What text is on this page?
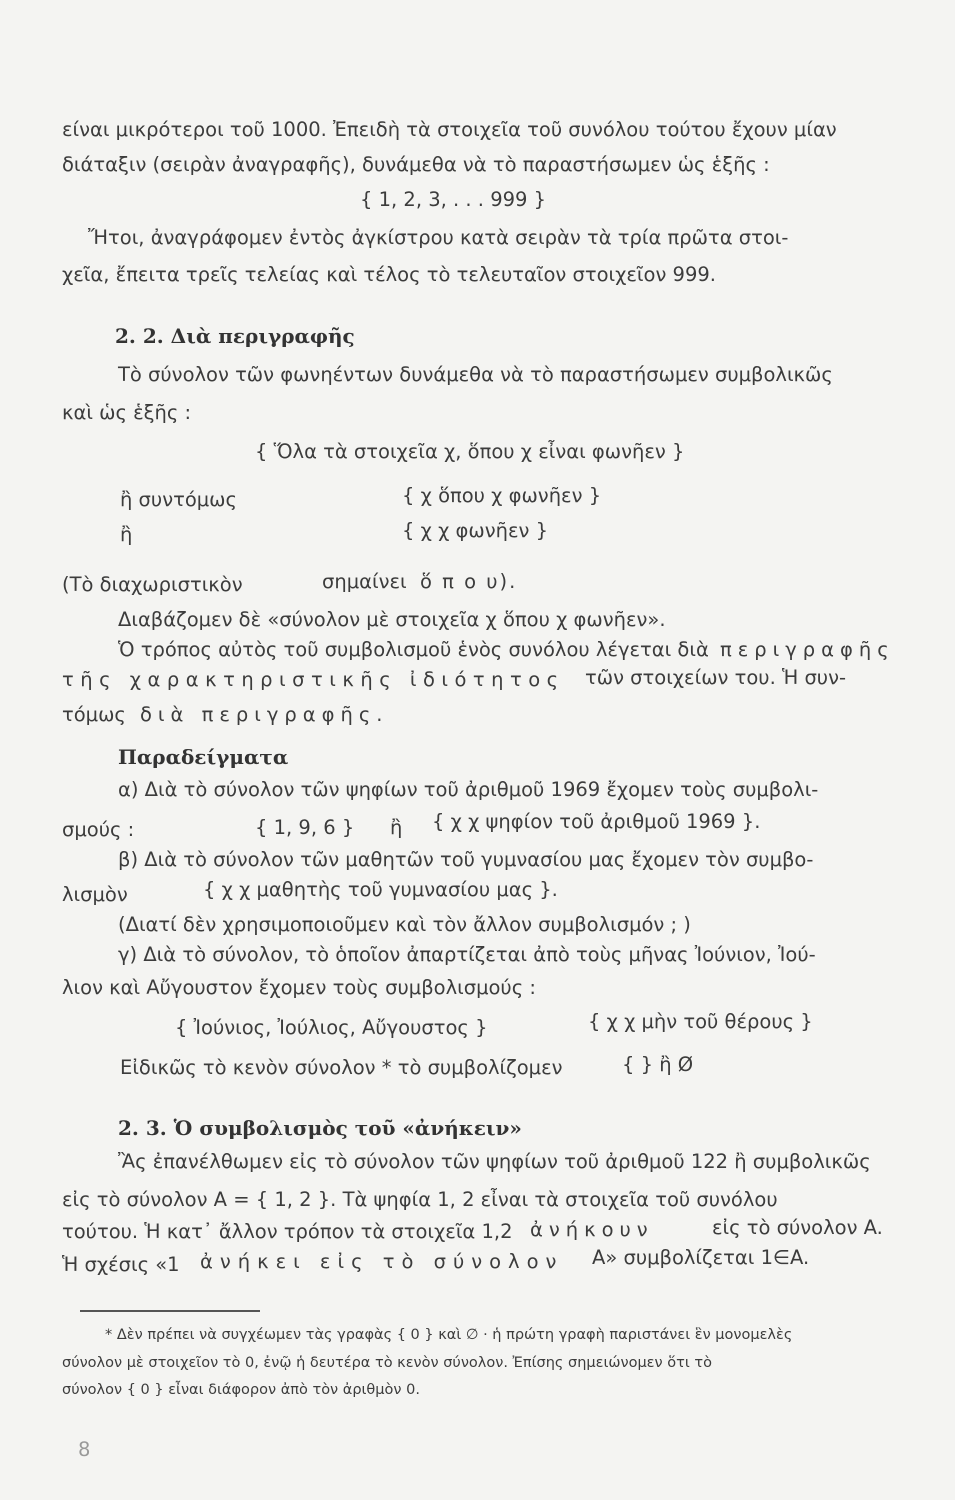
ɛίναι μικρότεροι τοῦ 1000. Ἐπειδὴ τὰ στοιχεῖα τοῦ συνόλου τούτου ἔχουν μίαν
διάταξιν (σειρὰν ἀναγραφῆς), δυνάμεθα νὰ τὸ παραστήσωμεν ὡς ἑξῆς :
{ 1, 2, 3, . . . 999 }
Ἤτοι, ἀναγράφομεν ἐντὸς ἀγκίστρου κατὰ σειρὰν τὰ τρία πρῶτα στοι-
χεῖα, ἔπειτα τρεῖς τελείας καὶ τέλος τὸ τελευταῖον στοιχεῖον 999.
2. 2. Διὰ περιγραφῆς
Τὸ σύνολον τῶν φωνηέντων δυνάμεθα νὰ τὸ παραστήσωμεν συμβολικῶς
καὶ ὡς ἑξῆς :
{ Ὅλα τὰ στοιχεῖα χ, ὅπου χ εἶναι φωνῆεν }
ἢ συντόμως	{ χ ὅπου χ φωνῆεν }
ἢ	{ χ χ φωνῆεν }
(Τὸ διαχωριστικὸν	σημαίνει ὅ π ο υ).
Διαβάζομεν δὲ «σύνολον μὲ στοιχεῖα χ ὅπου χ φωνῆεν».
Ὁ τρόπος αὐτὸς τοῦ συμβολισμοῦ ἑνὸς συνόλου λέγεται διὰ περιγραφῆς
τῆς χαρακτηριστικῆς ἰδιότητος τῶν στοιχείων του. Ἡ συν-
τόμως διὰ περιγραφῆς.
Παραδείγματα
α) Διὰ τὸ σύνολον τῶν ψηφίων τοῦ ἀριθμοῦ 1969 ἔχομεν τοὺς συμβολι-
σμούς :	{ 1, 9, 6 } ἢ { χ χ ψηφίον τοῦ ἀριθμοῦ 1969 }.
β) Διὰ τὸ σύνολον τῶν μαθητῶν τοῦ γυμνασίου μας ἔχομεν τὸν συμβο-
λισμὸν	{ χ χ μαθητὴς τοῦ γυμνασίου μας }.
(Διατί δὲν χρησιμοποιοῦμεν καὶ τὸν ἄλλον συμβολισμόν ; )
γ) Διὰ τὸ σύνολον, τὸ ὁποῖον ἀπαρτίζεται ἀπὸ τοὺς μῆνας Ἰούνιον, Ἰού-
λιον καὶ Αὔγουστον ἔχομεν τοὺς συμβολισμούς :
{ Ἰούνιος, Ἰούλιος, Αὔγουστος }	{ χ χ μὴν τοῦ θέρους }
Εἰδικῶς τὸ κενὸν σύνολον * τὸ συμβολίζομεν	{ } ἢ Ø
2. 3. Ὁ συμβολισμὸς τοῦ «ἀνήκειν»
Ἂς ἐπανέλθωμεν εἰς τὸ σύνολον τῶν ψηφίων τοῦ ἀριθμοῦ 122 ἢ συμβολικῶς
εἰς τὸ σύνολον A = { 1, 2 }. Τὰ ψηφία 1, 2 εἶναι τὰ στοιχεῖα τοῦ συνόλου
τούτου. Ἡ κατ᾽ ἄλλον τρόπον τὰ στοιχεῖα 1,2 ἀνήκουν	εἰς τὸ σύνολον A.
Ἡ σχέσις «1 ἀνήκει εἰς τὸ σύνολον A» συμβολίζεται 1∈A.
* Δὲν πρέπει νὰ συγχέωμεν τὰς γραφὰς { 0 } καὶ ∅ · ἡ πρώτη γραφὴ παριστάνει ἓν μονομελὲς
σύνολον μὲ στοιχεῖον τὸ 0, ἐνῷ ἡ δευτέρα τὸ κενὸν σύνολον. Ἐπίσης σημειώνομεν ὅτι τὸ
σύνολον { 0 } εἶναι διάφορον ἀπὸ τὸν ἀριθμὸν 0.
8
